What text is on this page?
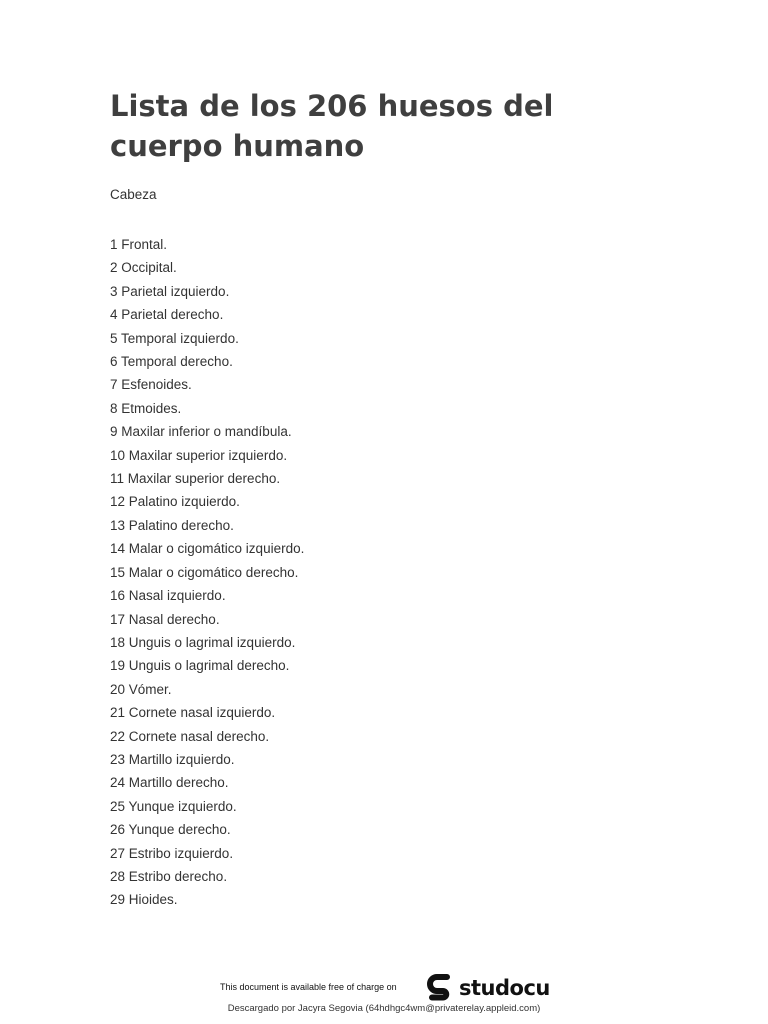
Lista de los 206 huesos del cuerpo humano
Cabeza
1 Frontal.
2 Occipital.
3 Parietal izquierdo.
4 Parietal derecho.
5 Temporal izquierdo.
6 Temporal derecho.
7 Esfenoides.
8 Etmoides.
9 Maxilar inferior o mandíbula.
10 Maxilar superior izquierdo.
11 Maxilar superior derecho.
12 Palatino izquierdo.
13 Palatino derecho.
14 Malar o cigomático izquierdo.
15 Malar o cigomático derecho.
16 Nasal izquierdo.
17 Nasal derecho.
18 Unguis o lagrimal izquierdo.
19 Unguis o lagrimal derecho.
20 Vómer.
21 Cornete nasal izquierdo.
22 Cornete nasal derecho.
23 Martillo izquierdo.
24 Martillo derecho.
25 Yunque izquierdo.
26 Yunque derecho.
27 Estribo izquierdo.
28 Estribo derecho.
29 Hioides.
This document is available free of charge on	studocu
Descargado por Jacyra Segovia (64hdhgc4wm@privaterelay.appleid.com)
